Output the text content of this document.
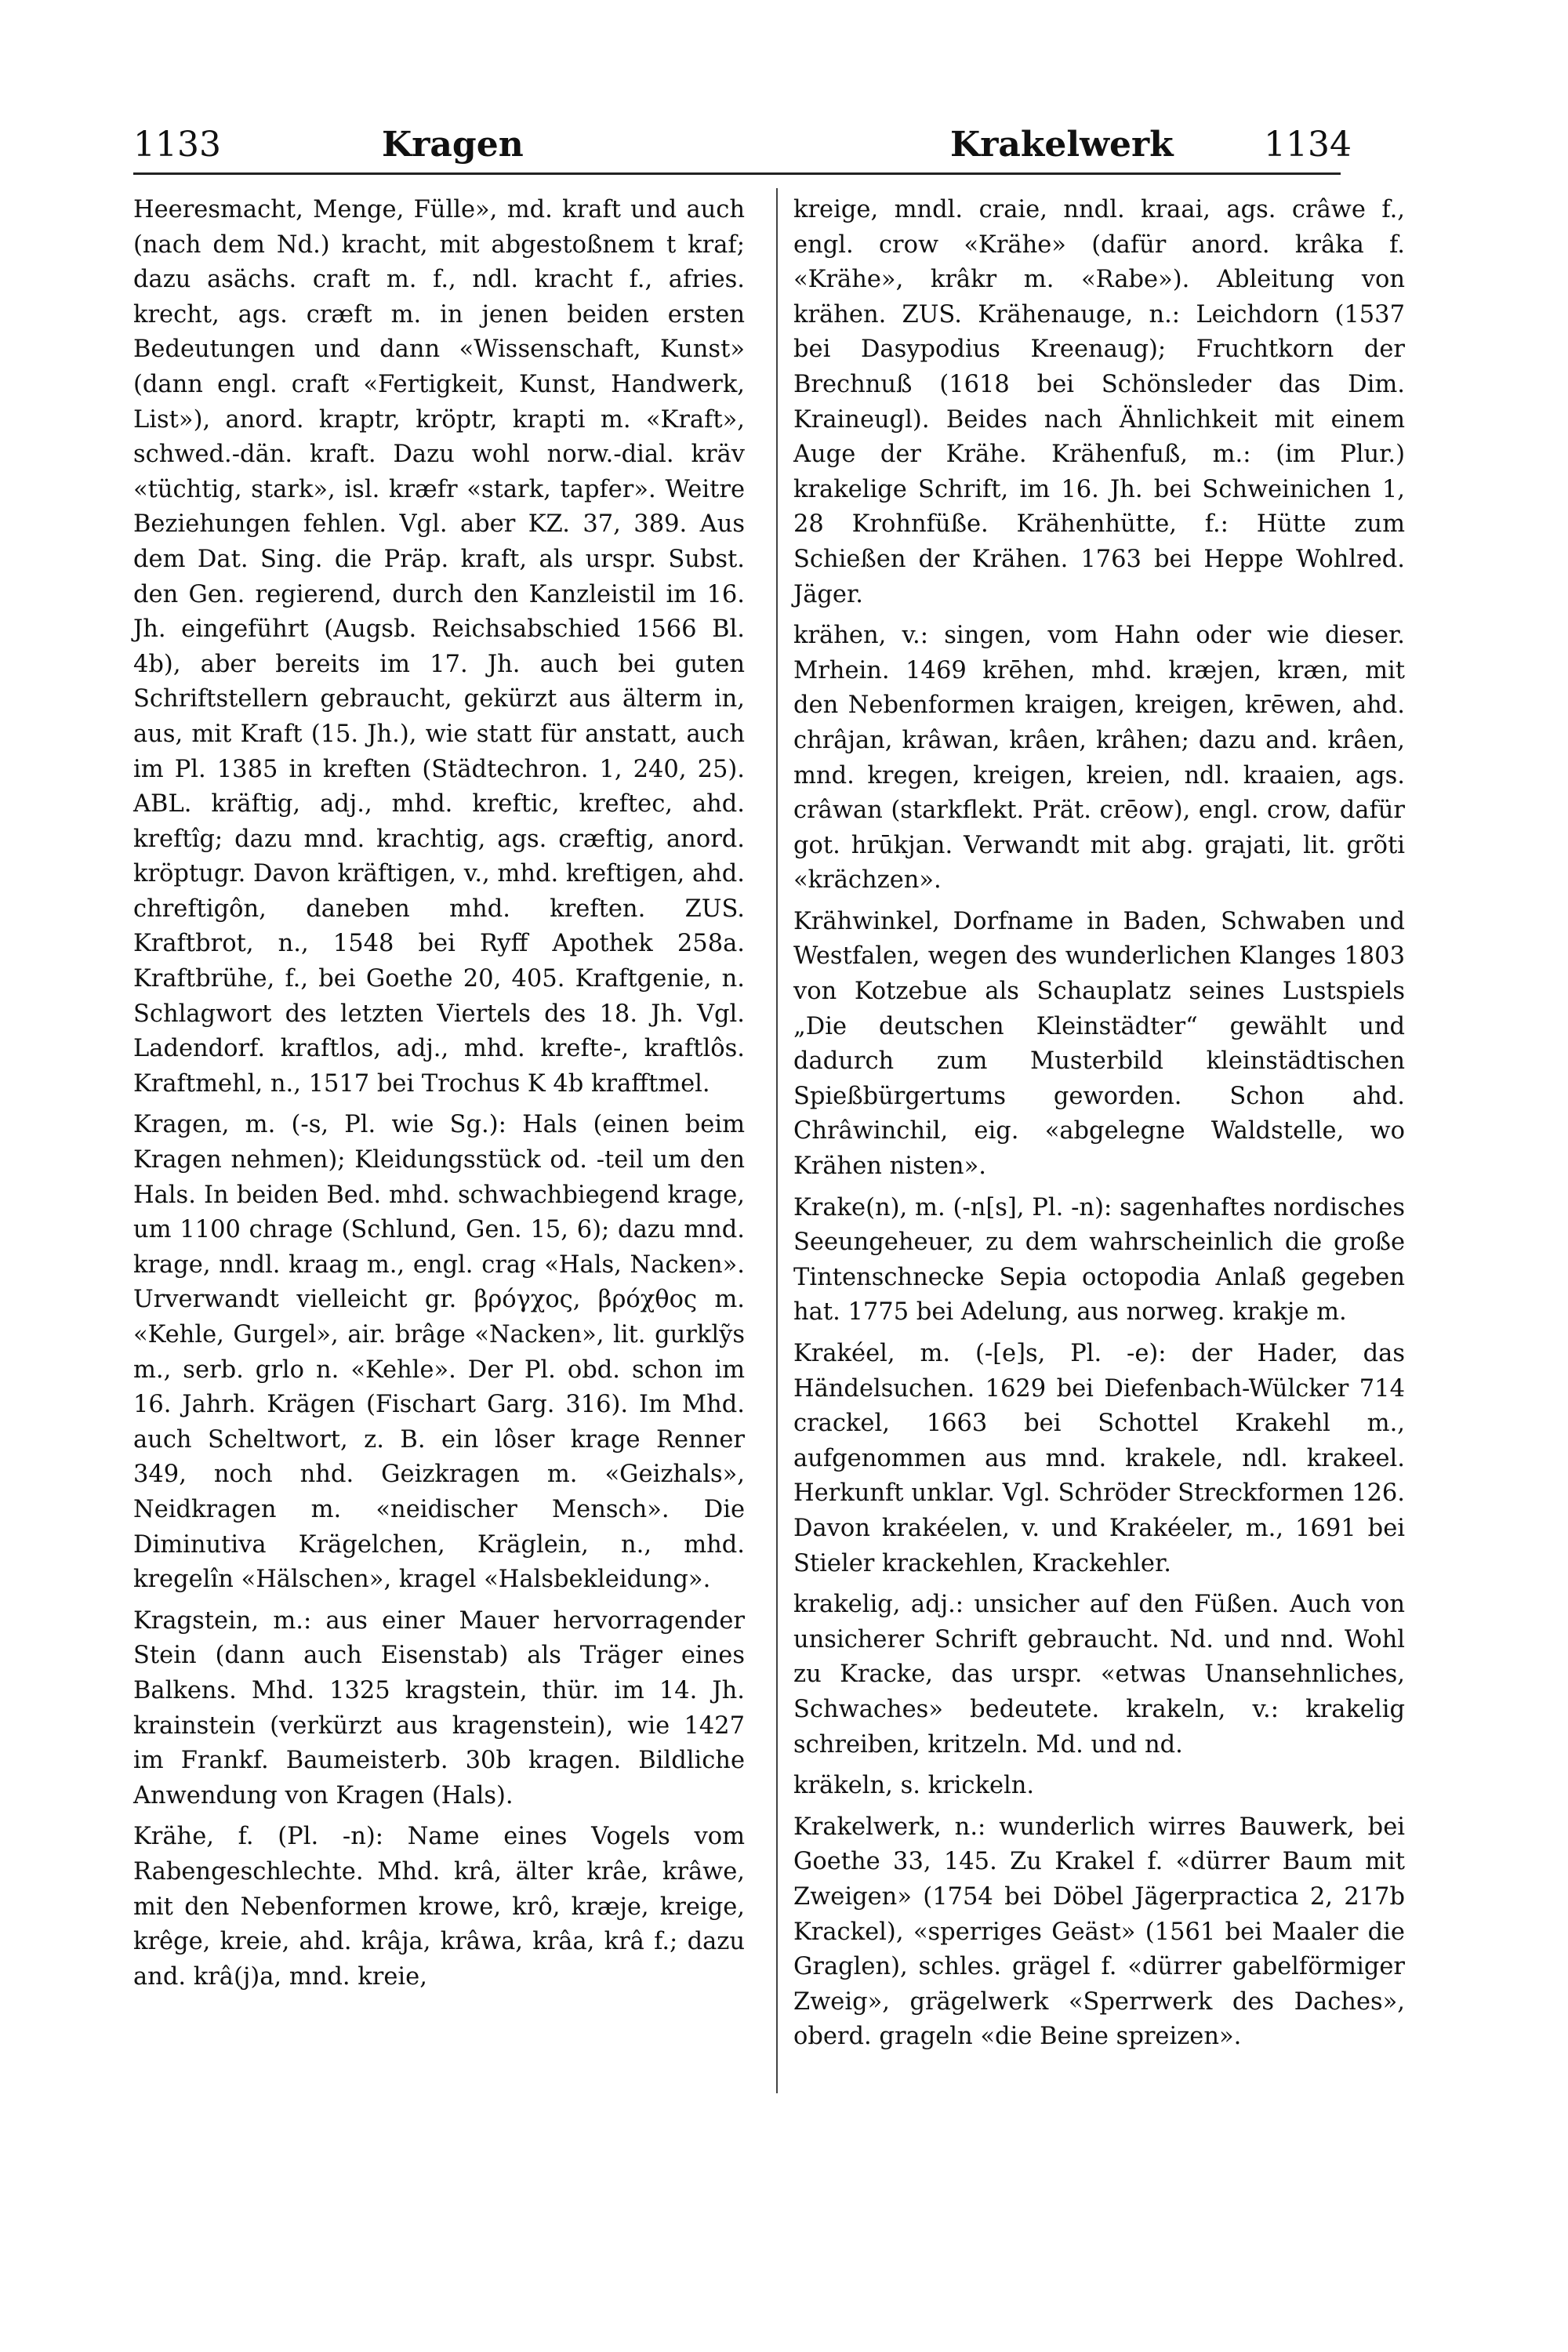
1133	Kragen	Krakelwerk	1134

Heeresmacht, Menge, Fülle», md. kraft und auch (nach dem Nd.) kracht, mit abgestoßnem t kraf; dazu asächs. craft m. f., ndl. kracht f., afries. krecht, ags. cræft m. in jenen beiden ersten Bedeutungen und dann «Wissenschaft, Kunst» (dann engl. craft «Fertigkeit, Kunst, Handwerk, List»), anord. kraptr, kröptr, krapti m. «Kraft», schwed.-dän. kraft. Dazu wohl norw.-dial. kräv «tüchtig, stark», isl. kræfr «stark, tapfer». Weitre Beziehungen fehlen. Vgl. aber KZ. 37, 389. Aus dem Dat. Sing. die Präp. kraft, als urspr. Subst. den Gen. regierend, durch den Kanzleistil im 16. Jh. eingeführt (Augsb. Reichsabschied 1566 Bl. 4b), aber bereits im 17. Jh. auch bei guten Schriftstellern gebraucht, gekürzt aus älterm in, aus, mit Kraft (15. Jh.), wie statt für anstatt, auch im Pl. 1385 in kreften (Städtechron. 1, 240, 25). ABL. kräftig, adj., mhd. kreftic, kreftec, ahd. kreftîg; dazu mnd. krachtig, ags. cræftig, anord. kröptugr. Davon kräftigen, v., mhd. kreftigen, ahd. chreftigôn, daneben mhd. kreften. ZUS. Kraftbrot, n., 1548 bei Ryff Apothek 258a. Kraftbrühe, f., bei Goethe 20, 405. Kraftgenie, n. Schlagwort des letzten Viertels des 18. Jh. Vgl. Ladendorf. kraftlos, adj., mhd. krefte-, kraftlôs. Kraftmehl, n., 1517 bei Trochus K 4b krafftmel.

Kragen, m. (-s, Pl. wie Sg.): Hals (einen beim Kragen nehmen); Kleidungsstück od. -teil um den Hals. In beiden Bed. mhd. schwachbiegend krage, um 1100 chrage (Schlund, Gen. 15, 6); dazu mnd. krage, nndl. kraag m., engl. crag «Hals, Nacken». Urverwandt vielleicht gr. βρόγχος, βρόχθος m. «Kehle, Gurgel», air. brâge «Nacken», lit. gurklỹs m., serb. grlo n. «Kehle». Der Pl. obd. schon im 16. Jahrh. Krägen (Fischart Garg. 316). Im Mhd. auch Scheltwort, z. B. ein lôser krage Renner 349, noch nhd. Geizkragen m. «Geizhals», Neidkragen m. «neidischer Mensch». Die Diminutiva Krägelchen, Kräglein, n., mhd. kregelîn «Hälschen», kragel «Halsbekleidung».

Kragstein, m.: aus einer Mauer hervorragender Stein (dann auch Eisenstab) als Träger eines Balkens. Mhd. 1325 kragstein, thür. im 14. Jh. krainstein (verkürzt aus kragenstein), wie 1427 im Frankf. Baumeisterb. 30b kragen. Bildliche Anwendung von Kragen (Hals).

Krähe, f. (Pl. -n): Name eines Vogels vom Rabengeschlechte. Mhd. krâ, älter krâe, krâwe, mit den Nebenformen krowe, krô, kræje, kreige, krêge, kreie, ahd. krâja, krâwa, krâa, krâ f.; dazu and. krâ(j)a, mnd. kreie,

kreige, mndl. craie, nndl. kraai, ags. crâwe f., engl. crow «Krähe» (dafür anord. krâka f. «Krähe», krâkr m. «Rabe»). Ableitung von krähen. ZUS. Krähenauge, n.: Leichdorn (1537 bei Dasypodius Kreenaug); Fruchtkorn der Brechnuß (1618 bei Schönsleder das Dim. Kraineugl). Beides nach Ähnlichkeit mit einem Auge der Krähe. Krähenfuß, m.: (im Plur.) krakelige Schrift, im 16. Jh. bei Schweinichen 1, 28 Krohnfüße. Krähenhütte, f.: Hütte zum Schießen der Krähen. 1763 bei Heppe Wohlred. Jäger.

krähen, v.: singen, vom Hahn oder wie dieser. Mrhein. 1469 krēhen, mhd. kræjen, kræn, mit den Nebenformen kraigen, kreigen, krēwen, ahd. chrâjan, krâwan, krâen, krâhen; dazu and. krâen, mnd. kregen, kreigen, kreien, ndl. kraaien, ags. crâwan (starkflekt. Prät. crēow), engl. crow, dafür got. hrūkjan. Verwandt mit abg. grajati, lit. grõti «krächzen».

Krähwinkel, Dorfname in Baden, Schwaben und Westfalen, wegen des wunderlichen Klanges 1803 von Kotzebue als Schauplatz seines Lustspiels „Die deutschen Kleinstädter“ gewählt und dadurch zum Musterbild kleinstädtischen Spießbürgertums geworden. Schon ahd. Chrâwinchil, eig. «abgelegne Waldstelle, wo Krähen nisten».

Krake(n), m. (-n[s], Pl. -n): sagenhaftes nordisches Seeungeheuer, zu dem wahrscheinlich die große Tintenschnecke Sepia octopodia Anlaß gegeben hat. 1775 bei Adelung, aus norweg. krakje m.

Krakéel, m. (-[e]s, Pl. -e): der Hader, das Händelsuchen. 1629 bei Diefenbach-Wülcker 714 crackel, 1663 bei Schottel Krakehl m., aufgenommen aus mnd. krakele, ndl. krakeel. Herkunft unklar. Vgl. Schröder Streckformen 126. Davon krakéelen, v. und Krakéeler, m., 1691 bei Stieler krackehlen, Krackehler.

krakelig, adj.: unsicher auf den Füßen. Auch von unsicherer Schrift gebraucht. Nd. und nnd. Wohl zu Kracke, das urspr. «etwas Unansehnliches, Schwaches» bedeutete. krakeln, v.: krakelig schreiben, kritzeln. Md. und nd.

kräkeln, s. krickeln.

Krakelwerk, n.: wunderlich wirres Bauwerk, bei Goethe 33, 145. Zu Krakel f. «dürrer Baum mit Zweigen» (1754 bei Döbel Jägerpractica 2, 217b Krackel), «sperriges Geäst» (1561 bei Maaler die Graglen), schles. grägel f. «dürrer gabelförmiger Zweig», grägelwerk «Sperrwerk des Daches», oberd. grageln «die Beine spreizen».
